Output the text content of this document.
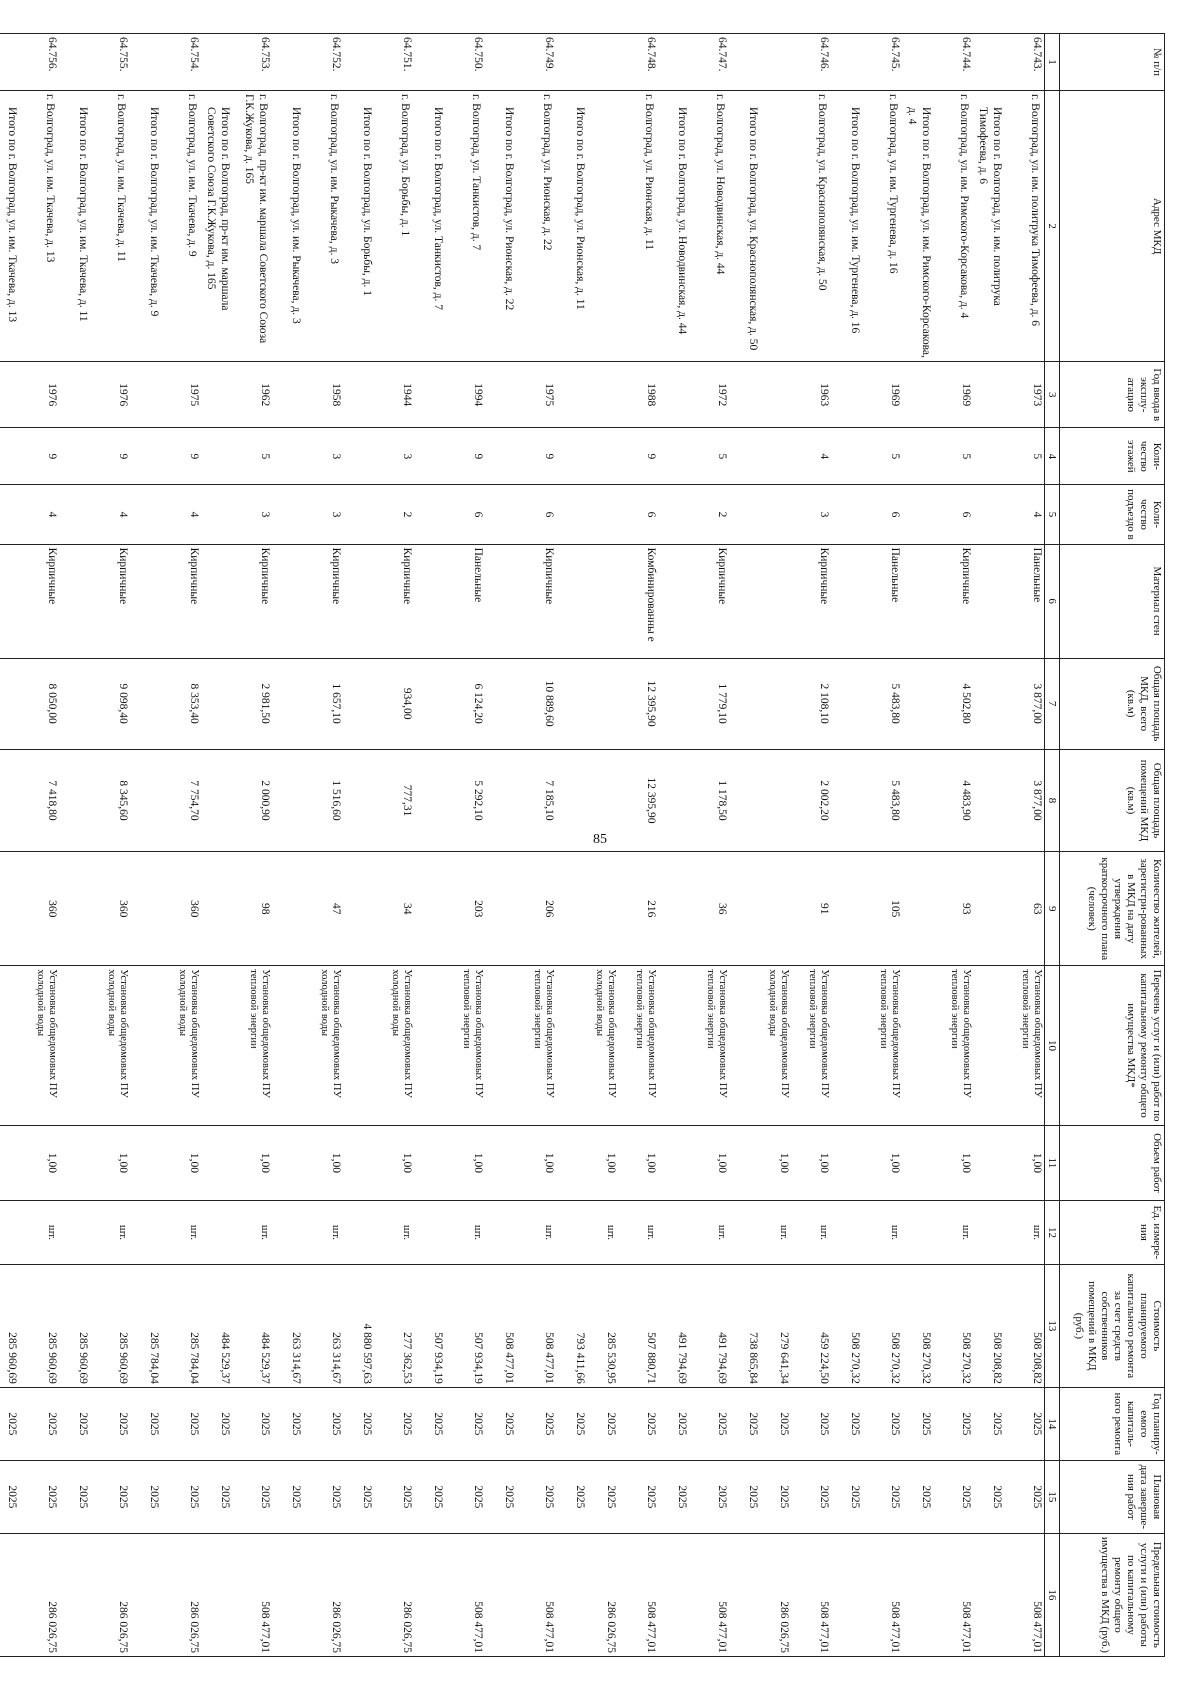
85
№ п/п	Адрес МКД	Год ввода в эксплу-атацию	Коли-чество этажей	Коли-чество подъездо в	Материал стен	Общая площадь МКД, всего (кв.м)	Общая площадь помещений МКД (кв.м)	Количество жителей, зарегистри-рованных в МКД на дату утверждения краткосрочного плана (человек)	Перечень услуг и (или) работ по капитальному ремонту общего имущества МКД*	Объем работ	Ед. измере-ния	Стоимость планируемого капитального ремонта за счет средств собственников помещений в МКД (руб.)	Год планиру-емого капиталь-ного ремонта	Плановая дата заверше-ния работ	Предельная стоимость услуги и (или) работы по капитальному ремонту общего имущества в МКД (руб.)
1	2	3	4	5	6	7	8	9	10	11	12	13	14	15	16
64.743.	г. Волгоград, ул. им. политрука Тимофеева, д. 6	1973	5	4	Панельные	3 877,00	3 877,00	63	Установка общедомовых ПУ тепловой энергии	1,00	шт.	508 208,82	2025	2025	508 477,01
	Итого по г. Волгоград, ул. им. политрука Тимофеева, д. 6											508 208,82	2025	2025	
64.744.	г. Волгоград, ул. им. Римского-Корсакова, д. 4	1969	5	6	Кирпичные	4 502,80	4 483,90	93	Установка общедомовых ПУ тепловой энергии	1,00	шт.	508 270,32	2025	2025	508 477,01
	Итого по г. Волгоград, ул. им. Римского-Корсакова, д. 4											508 270,32	2025	2025	
64.745.	г. Волгоград, ул. им. Тургенева, д. 16	1969	5	6	Панельные	5 483,80	5 483,80	105	Установка общедомовых ПУ тепловой энергии	1,00	шт.	508 270,32	2025	2025	508 477,01
	Итого по г. Волгоград, ул. им. Тургенева, д. 16											508 270,32	2025	2025	
64.746.	г. Волгоград, ул. Краснополянская, д. 50	1963	4	3	Кирпичные	2 108,10	2 002,20	91	Установка общедомовых ПУ тепловой энергии	1,00	шт.	459 224,50	2025	2025	508 477,01
									Установка общедомовых ПУ холодной воды	1,00	шт.	279 641,34	2025	2025	286 026,75
	Итого по г. Волгоград, ул. Краснополянская, д. 50											738 865,84	2025	2025	
64.747.	г. Волгоград, ул. Новодвинская, д. 44	1972	5	2	Кирпичные	1 779,10	1 178,50	36	Установка общедомовых ПУ тепловой энергии	1,00	шт.	491 794,69	2025	2025	508 477,01
	Итого по г. Волгоград, ул. Новодвинская, д. 44											491 794,69	2025	2025	
64.748.	г. Волгоград, ул. Рионская, д. 11	1988	9	6	Комбинированны е	12 395,90	12 395,90	216	Установка общедомовых ПУ тепловой энергии	1,00	шт.	507 880,71	2025	2025	508 477,01
									Установка общедомовых ПУ холодной воды	1,00	шт.	285 530,95	2025	2025	286 026,75
	Итого по г. Волгоград, ул. Рионская, д. 11											793 411,66	2025	2025	
64.749.	г. Волгоград, ул. Рионская, д. 22	1975	9	6	Кирпичные	10 889,60	7 185,10	206	Установка общедомовых ПУ тепловой энергии	1,00	шт.	508 477,01	2025	2025	508 477,01
	Итого по г. Волгоград, ул. Рионская, д. 22											508 477,01	2025	2025	
64.750.	г. Волгоград, ул. Танкистов, д. 7	1994	9	6	Панельные	6 124,20	5 292,10	203	Установка общедомовых ПУ тепловой энергии	1,00	шт.	507 934,19	2025	2025	508 477,01
	Итого по г. Волгоград, ул. Танкистов, д. 7											507 934,19	2025	2025	
64.751.	г. Волгоград, ул. Борьбы, д. 1	1944	3	2	Кирпичные	934,00	777,31	34	Установка общедомовых ПУ холодной воды	1,00	шт.	277 362,53	2025	2025	286 026,75
	Итого по г. Волгоград, ул. Борьбы, д. 1											4 880 597,63	2025	2025	
64.752.	г. Волгоград, ул. им. Рыкачева, д. 3	1958	3	3	Кирпичные	1 657,10	1 516,60	47	Установка общедомовых ПУ холодной воды	1,00	шт.	263 314,67	2025	2025	286 026,75
	Итого по г. Волгоград, ул. им. Рыкачева, д. 3											263 314,67	2025	2025	
64.753.	г. Волгоград, пр-кт им. маршала Советского Союза Г.К.Жукова, д. 165	1962	5	3	Кирпичные	2 981,50	2 000,90	98	Установка общедомовых ПУ тепловой энергии	1,00	шт.	484 529,37	2025	2025	508 477,01
	Итого по г. Волгоград, пр-кт им. маршала Советского Союза Г.К.Жукова, д. 165											484 529,37	2025	2025	
64.754.	г. Волгоград, ул. им. Ткачева, д. 9	1975	9	4	Кирпичные	8 353,40	7 754,70	360	Установка общедомовых ПУ холодной воды	1,00	шт.	285 784,04	2025	2025	286 026,75
	Итого по г. Волгоград, ул. им. Ткачева, д. 9											285 784,04	2025	2025	
64.755.	г. Волгоград, ул. им. Ткачева, д. 11	1976	9	4	Кирпичные	9 098,40	8 345,60	360	Установка общедомовых ПУ холодной воды	1,00	шт.	285 960,69	2025	2025	286 026,75
	Итого по г. Волгоград, ул. им. Ткачева, д. 11											285 960,69	2025	2025	
64.756.	г. Волгоград, ул. им. Ткачева, д. 13	1976	9	4	Кирпичные	8 050,00	7 418,80	360	Установка общедомовых ПУ холодной воды	1,00	шт.	285 960,69	2025	2025	286 026,75
	Итого по г. Волгоград, ул. им. Ткачева, д. 13											285 960,69	2025	2025	
